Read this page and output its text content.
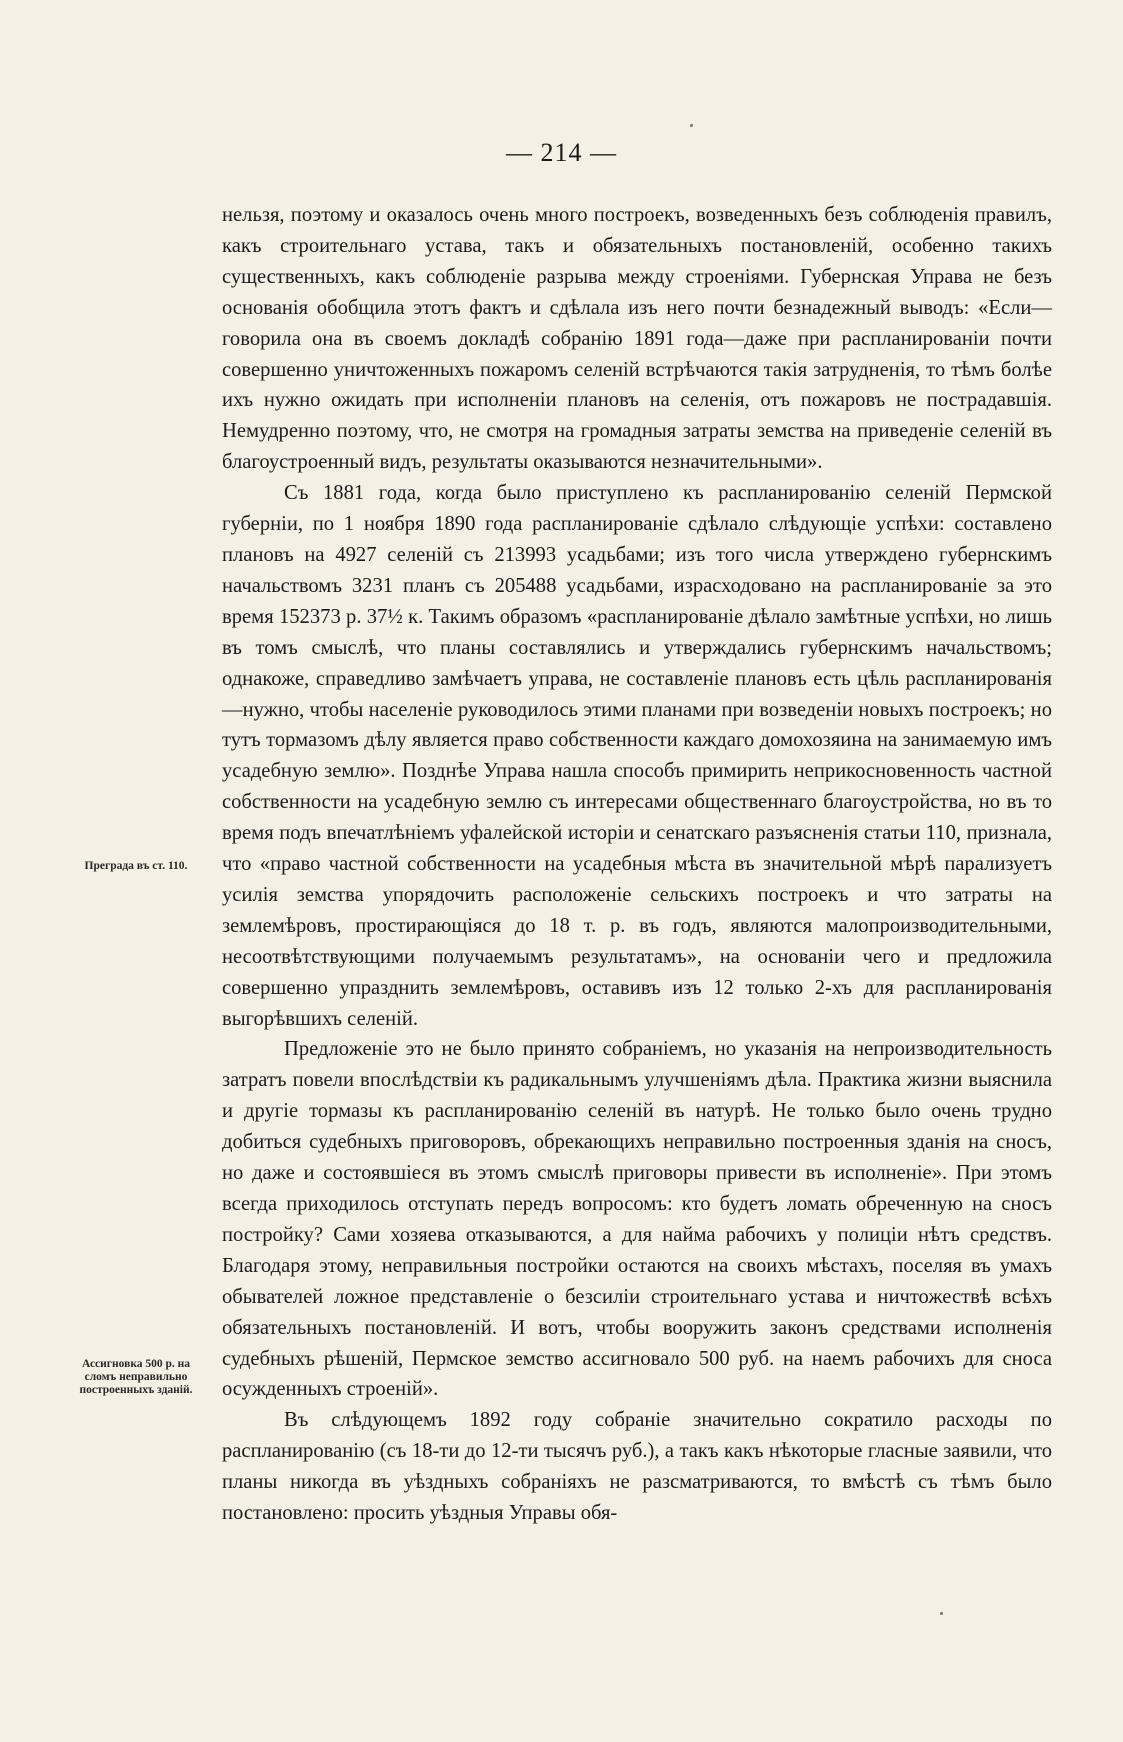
— 214 —

нельзя, поэтому и оказалось очень много построекъ, возведенныхъ безъ соблюденія правилъ, какъ строительнаго устава, такъ и обязательныхъ постановленій, особенно такихъ существенныхъ, какъ соблюденіе разрыва между строеніями. Губернская Управа не безъ основанія обобщила этотъ фактъ и сдѣлала изъ него почти безнадежный выводъ: «Если—говорила она въ своемъ докладѣ собранію 1891 года—даже при распланированіи почти совершенно уничтоженныхъ пожаромъ селеній встрѣчаются такія затрудненія, то тѣмъ болѣе ихъ нужно ожидать при исполненіи плановъ на селенія, отъ пожаровъ не пострадавшія. Немудренно поэтому, что, не смотря на громадныя затраты земства на приведеніе селеній въ благоустроенный видъ, результаты оказываются незначительными».

Съ 1881 года, когда было приступлено къ распланированію селеній Пермской губерніи, по 1 ноября 1890 года распланированіе сдѣлало слѣдующіе успѣхи: составлено плановъ на 4927 селеній съ 213993 усадьбами; изъ того числа утверждено губернскимъ начальствомъ 3231 планъ съ 205488 усадьбами, израсходовано на распланированіе за это время 152373 р. 37½ к. Такимъ образомъ «распланированіе дѣлало замѣтные успѣхи, но лишь въ томъ смыслѣ, что планы составлялись и утверждались губернскимъ начальствомъ; однакоже, справедливо замѣчаетъ управа, не составленіе плановъ есть цѣль распланированія—нужно, чтобы населеніе руководилось этими планами при возведеніи новыхъ построекъ; но тутъ тормазомъ дѣлу является право собственности каждаго домохозяина на занимаемую имъ усадебную землю». Позднѣе Управа нашла способъ примирить неприкосновенность частной собственности на усадебную землю съ интересами общественнаго благоустройства, но въ то время подъ впечатлѣніемъ уфалейской исторіи и сенатскаго разъясненія статьи 110, признала, что «право частной собственности на усадебныя мѣста въ значительной мѣрѣ парализуетъ усилія земства упорядочить расположеніе сельскихъ построекъ и что затраты на землемѣровъ, простирающіяся до 18 т. р. въ годъ, являются малопроизводительными, несоотвѣтствующими получаемымъ результатамъ», на основаніи чего и предложила совершенно упразднить землемѣровъ, оставивъ изъ 12 только 2-хъ для распланированія выгорѣвшихъ селеній.

Предложеніе это не было принято собраніемъ, но указанія на непроизводительность затратъ повели впослѣдствіи къ радикальнымъ улучшеніямъ дѣла. Практика жизни выяснила и другіе тормазы къ распланированію селеній въ натурѣ. Не только было очень трудно добиться судебныхъ приговоровъ, обрекающихъ неправильно построенныя зданія на сносъ, но даже и состоявшіеся въ этомъ смыслѣ приговоры привести въ исполненіе». При этомъ всегда приходилось отступать передъ вопросомъ: кто будетъ ломать обреченную на сносъ постройку? Сами хозяева отказываются, а для найма рабочихъ у полиціи нѣтъ средствъ. Благодаря этому, неправильныя постройки остаются на своихъ мѣстахъ, поселяя въ умахъ обывателей ложное представленіе о безсиліи строительнаго устава и ничтожествѣ всѣхъ обязательныхъ постановленій. И вотъ, чтобы вооружить законъ средствами исполненія судебныхъ рѣшеній, Пермское земство ассигновало 500 руб. на наемъ рабочихъ для сноса осужденныхъ строеній».

Въ слѣдующемъ 1892 году собраніе значительно сократило расходы по распланированію (съ 18-ти до 12-ти тысячъ руб.), а такъ какъ нѣкоторые гласные заявили, что планы никогда въ уѣздныхъ собраніяхъ не разсматриваются, то вмѣстѣ съ тѣмъ было постановлено: просить уѣздныя Управы обя-

Преграда въ ст. 110.
Ассигновка 500 р. на сломъ неправильно построенныхъ зданій.
